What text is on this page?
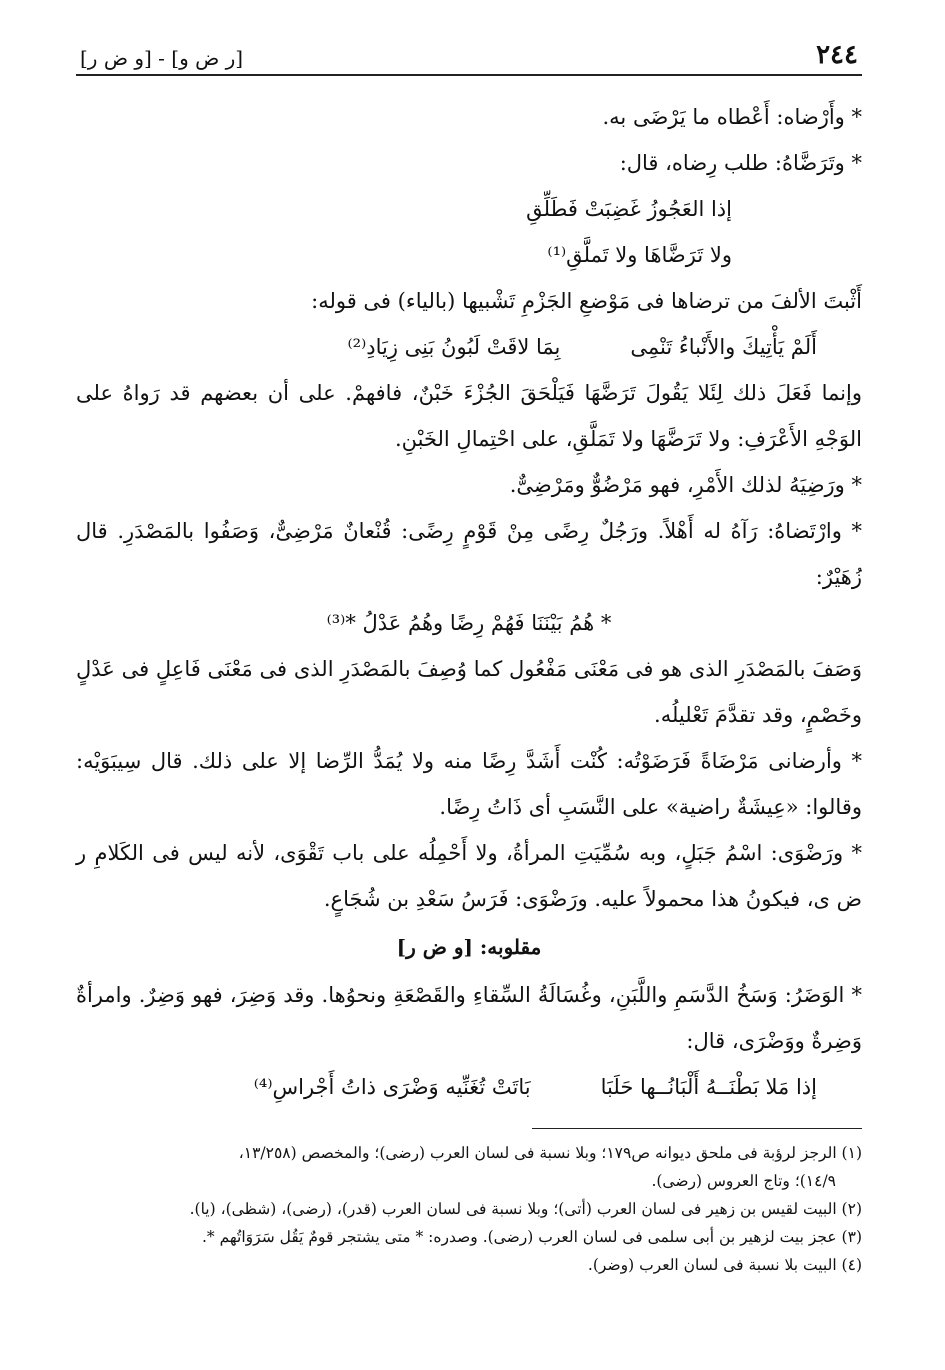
٢٤٤
[ر ض و] - [و ض ر]

* وأَرْضاه: أَعْطاه ما يَرْضَى به.

* وتَرَضَّاهُ: طلب رِضاه، قال:

إذا العَجُوزُ غَضِبَتْ فَطَلِّقِ

ولا تَرَضَّاهَا ولا تَملَّقِ⁽¹⁾

أَثْبتَ الألفَ من ترضاها فى مَوْضعِ الجَزْمِ تَشْبيها (بالياء) فى قوله:

أَلَمْ يَأْتِيكَ والأَنْباءُ تَنْمِى
بِمَا لاقَتْ لَبُونُ بَنِى زِيَادِ⁽²⁾

وإنما فَعَلَ ذلك لِئَلا يَقُولَ تَرَضَّهَا فَيَلْحَقَ الجُزْءَ خَبْنٌ، فافهمْ. على أن بعضهم قد رَواهُ على الوَجْهِ الأَعْرَفِ: ولا تَرَضَّهَا ولا تَمَلَّقِ، على احْتِمالِ الخَبْنِ.

* ورَضِيَهُ لذلك الأَمْرِ، فهو مَرْضُوٌّ ومَرْضِىٌّ.

* وارْتَضاهُ: رَآهُ له أَهْلاً. ورَجُلٌ رِضًى مِنْ قَوْمٍ رِضًى: قُنْعانٌ مَرْضِىٌّ، وَصَفُوا بالمَصْدَرِ. قال زُهَيْرٌ:

* هُمُ بَيْنَنَا فَهُمْ رِضًا وهُمُ عَدْلُ *⁽³⁾

وَصَفَ بالمَصْدَرِ الذى هو فى مَعْنَى مَفْعُول كما وُصِفَ بالمَصْدَرِ الذى فى مَعْنَى فَاعِلٍ فى عَدْلٍ وخَصْمٍ، وقد تقدَّمَ تَعْليلُه.

* وأرضانى مَرْضَاةً فَرَضَوْتُه: كُنْت أَشَدَّ رِضًا منه ولا يُمَدُّ الرِّضا إلا على ذلك. قال سِيبَوَيْه: وقالوا: «عِيشَةٌ راضية» على النَّسَبِ أى ذَاتُ رِضًا.

* ورَضْوَى: اسْمُ جَبَلٍ، وبه سُمِّيَتِ المرأةُ، ولا أَحْمِلُه على باب تَقْوَى، لأنه ليس فى الكَلامِ ر ض ى، فيكونُ هذا محمولاً عليه. ورَضْوَى: فَرَسُ سَعْدِ بن شُجَاعٍ.

مقلوبه: [و ض ر]

* الوَضَرُ: وَسَخُ الدَّسَمِ واللَّبَنِ، وغُسَالَةُ السِّقاءِ والقَصْعَةِ ونحوُها. وقد وَضِرَ، فهو وَضِرٌ. وامرأةٌ وَضِرةٌ ووَضْرَى، قال:

إذا مَلا بَطْنَــهُ أَلْبَانُــها حَلَبَا
بَاتَتْ تُغَنِّيه وَضْرَى ذاتُ أَجْراسِ⁽⁴⁾

(١) الرجز لرؤبة فى ملحق ديوانه ص١٧٩؛ وبلا نسبة فى لسان العرب (رضى)؛ والمخصص (١٣/٢٥٨،

١٤/٩)؛ وتاج العروس (رضى).

(٢) البيت لقيس بن زهير فى لسان العرب (أتى)؛ وبلا نسبة فى لسان العرب (قدر)، (رضى)، (شظى)، (يا).

(٣) عجز بيت لزهير بن أبى سلمى فى لسان العرب (رضى). وصدره: * متى يشتجر قومٌ يَقُل سَرَوَاتُهم *.

(٤) البيت بلا نسبة فى لسان العرب (وضر).
